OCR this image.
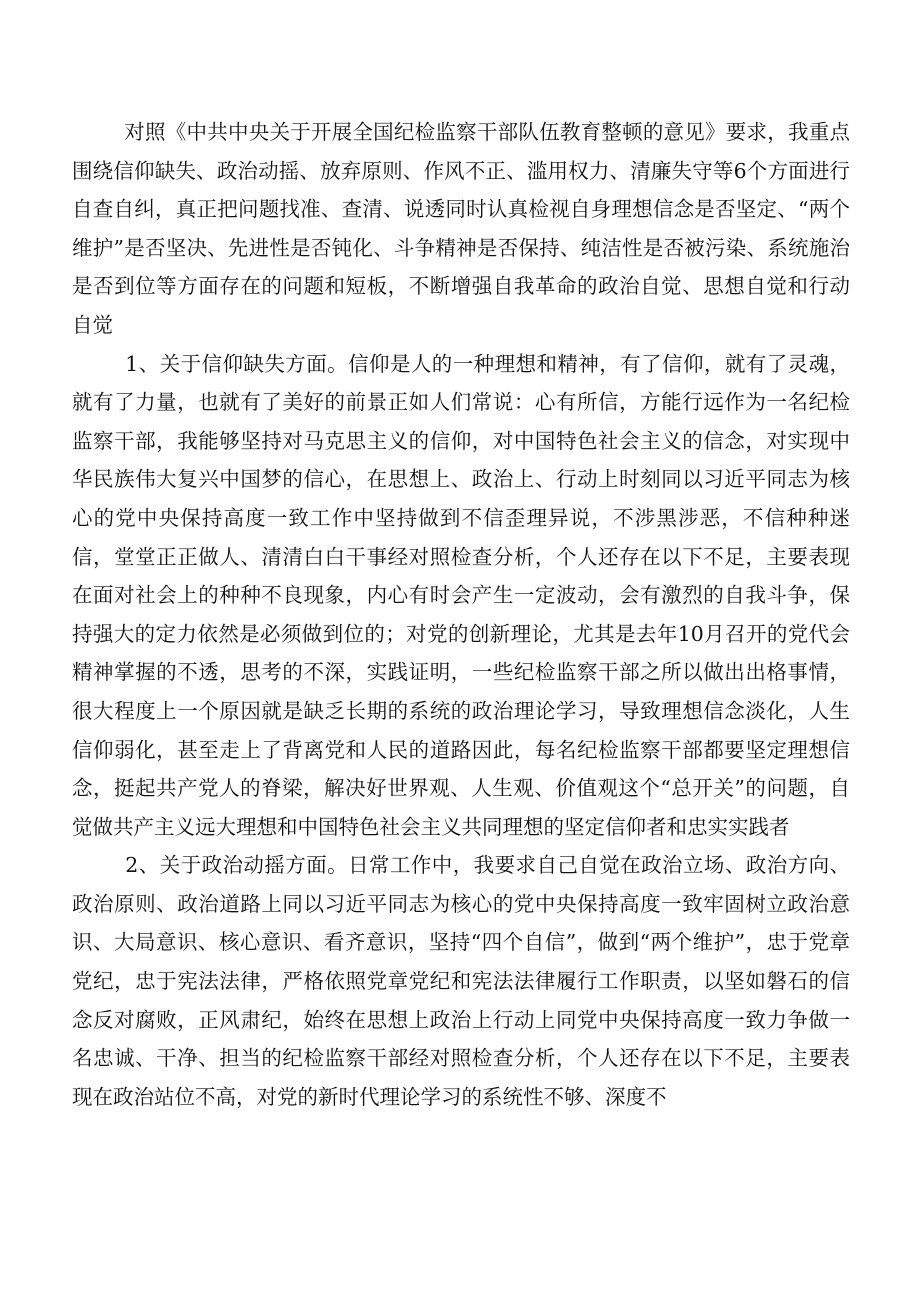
对照《中共中央关于开展全国纪检监察干部队伍教育整顿的意见》要求，我重点围绕信仰缺失、政治动摇、放弃原则、作风不正、滥用权力、清廉失守等6个方面进行自查自纠，真正把问题找准、查清、说透同时认真检视自身理想信念是否坚定、“两个维护”是否坚决、先进性是否钝化、斗争精神是否保持、纯洁性是否被污染、系统施治是否到位等方面存在的问题和短板，不断增强自我革命的政治自觉、思想自觉和行动自觉

1、关于信仰缺失方面。信仰是人的一种理想和精神，有了信仰，就有了灵魂，就有了力量，也就有了美好的前景正如人们常说：心有所信，方能行远作为一名纪检监察干部，我能够坚持对马克思主义的信仰，对中国特色社会主义的信念，对实现中华民族伟大复兴中国梦的信心，在思想上、政治上、行动上时刻同以习近平同志为核心的党中央保持高度一致工作中坚持做到不信歪理异说，不涉黑涉恶，不信种种迷信，堂堂正正做人、清清白白干事经对照检查分析，个人还存在以下不足，主要表现在面对社会上的种种不良现象，内心有时会产生一定波动，会有激烈的自我斗争，保持强大的定力依然是必须做到位的；对党的创新理论，尤其是去年10月召开的党代会精神掌握的不透，思考的不深，实践证明，一些纪检监察干部之所以做出出格事情，很大程度上一个原因就是缺乏长期的系统的政治理论学习，导致理想信念淡化，人生信仰弱化，甚至走上了背离党和人民的道路因此，每名纪检监察干部都要坚定理想信念，挺起共产党人的脊梁，解决好世界观、人生观、价值观这个“总开关”的问题，自觉做共产主义远大理想和中国特色社会主义共同理想的坚定信仰者和忠实实践者

2、关于政治动摇方面。日常工作中，我要求自己自觉在政治立场、政治方向、政治原则、政治道路上同以习近平同志为核心的党中央保持高度一致牢固树立政治意识、大局意识、核心意识、看齐意识，坚持“四个自信”，做到“两个维护”，忠于党章党纪，忠于宪法法律，严格依照党章党纪和宪法法律履行工作职责，以坚如磐石的信念反对腐败，正风肃纪，始终在思想上政治上行动上同党中央保持高度一致力争做一名忠诚、干净、担当的纪检监察干部经对照检查分析，个人还存在以下不足，主要表现在政治站位不高，对党的新时代理论学习的系统性不够、深度不
